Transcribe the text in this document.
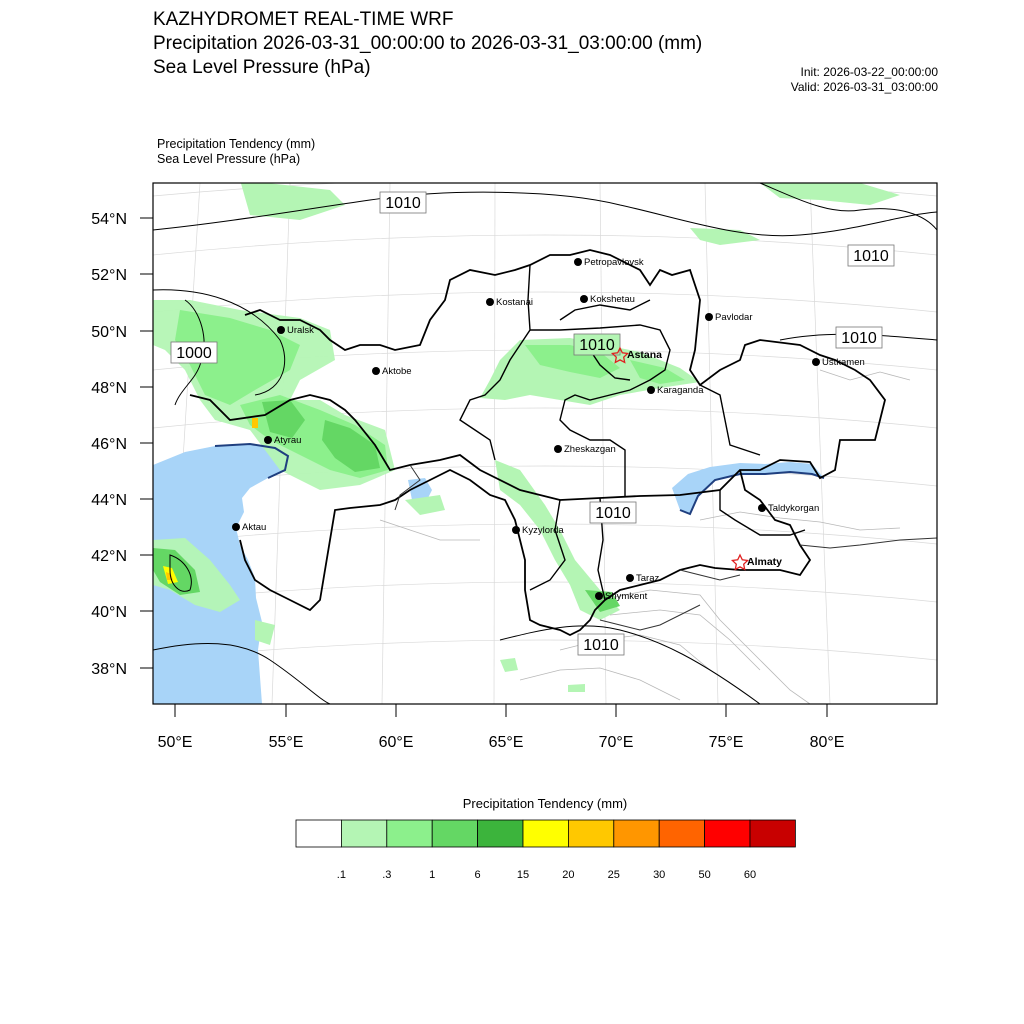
KAZHYDROMET REAL-TIME WRF
Precipitation 2026-03-31_00:00:00 to 2026-03-31_03:00:00 (mm)
Sea Level Pressure (hPa)	Init: 2026-03-22_00:00:00
Valid: 2026-03-31_03:00:00
Precipitation Tendency (mm)
Sea Level Pressure (hPa)
54°N
52°N
50°N
48°N
46°N
44°N
42°N
40°N
38°N
50°E	55°E	60°E	65°E	70°E	75°E	80°E
1010
1010
1000
1010
1010
1010
1010
Petropavlovsk
Kostanai	Kokshetau
Pavlodar
Uralsk
Astana
Ustkamen
Aktobe
Karaganda
Atyrau
Zheskazgan
Taldykorgan
Aktau	Kyzylorda
Almaty
Taraz
Shymkent
Precipitation Tendency (mm)
.1	.3	1	6	15	20	25	30	50	60
